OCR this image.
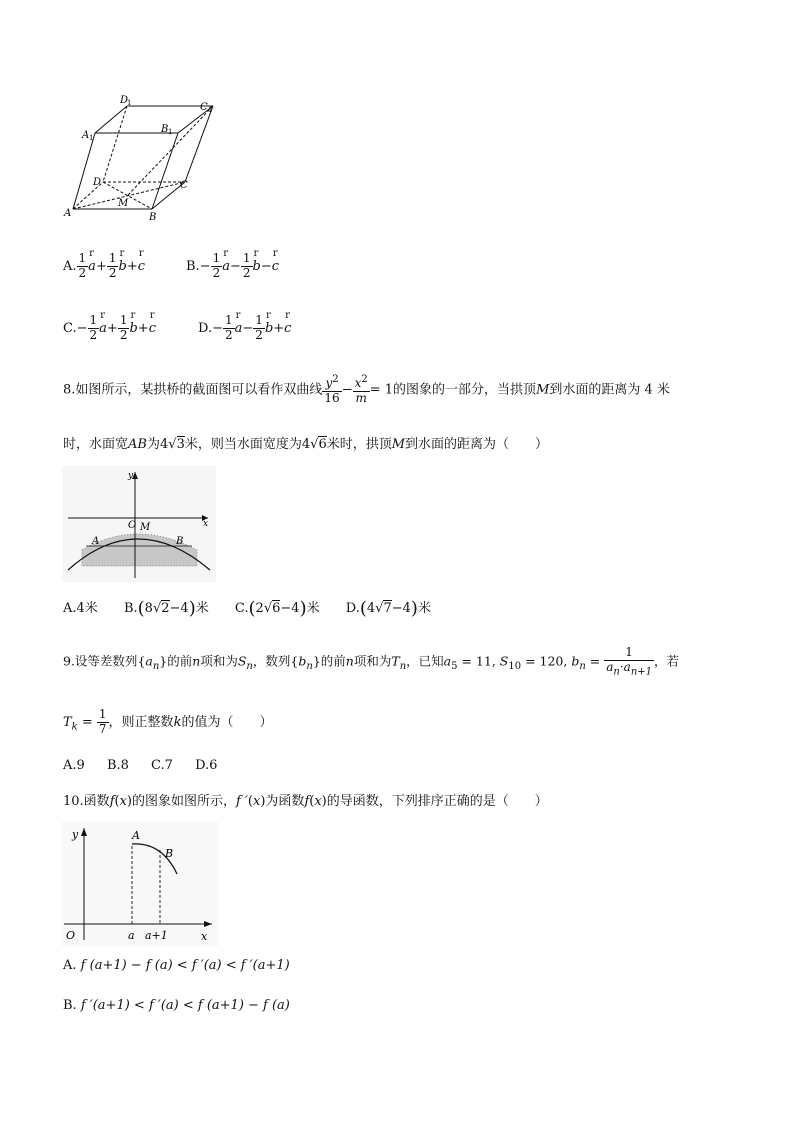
D
1	C 1
A 1
B 1
D	C
M
A	B
A. $\frac{1}{2}$ r $a+ \frac{1}{2}$ r b+r c	$B.- \frac{1}{2}$ r $a- \frac{1}{2}$ r b−r c
$C.- \frac{1}{2}$ r $a+ \frac{1}{2}$ r b+r c	$D.- \frac{1}{2}$ r $a- \frac{1}{2}$ r b+r c
8.如图所示，某拱桥的截面图可以看作双曲线 $\frac{y^2}{16} - \frac{x^2}{m} = 1$的图象的一部分，当拱顶M到水面的距离为 4 米
时，水面宽AB为4√3米，则当水面宽度为4√6米时，拱顶M到水面的距离为（　　）
y
x
O M
A	B
A.4米 B.(8√2−4)米 C.(2√6−4)米 D.(4√7−4)米
9.设等差数列$\{a_n\}$的前n项和为$S_n$，数列$\{b_n\}$的前n项和为$T_n$，已知$a_5 = 11$, $S_{10} = 120$, $b_n = \frac{1}{a_n\cdot a_{n+1}}$ ，若
$T_k = \frac{1}{7}$ ，则正整数k的值为（　　）
A.9 B.8 C.7 D.6
10.函数f(x)的图象如图所示，f ′(x)为函数f(x)的导函数，下列排序正确的是（　　）
y
x
O
A
B
a a+1
A. f (a+1) − f (a) < f ′(a) < f ′(a+1)
B. f ′(a+1) < f ′(a) < f (a+1) − f (a)
